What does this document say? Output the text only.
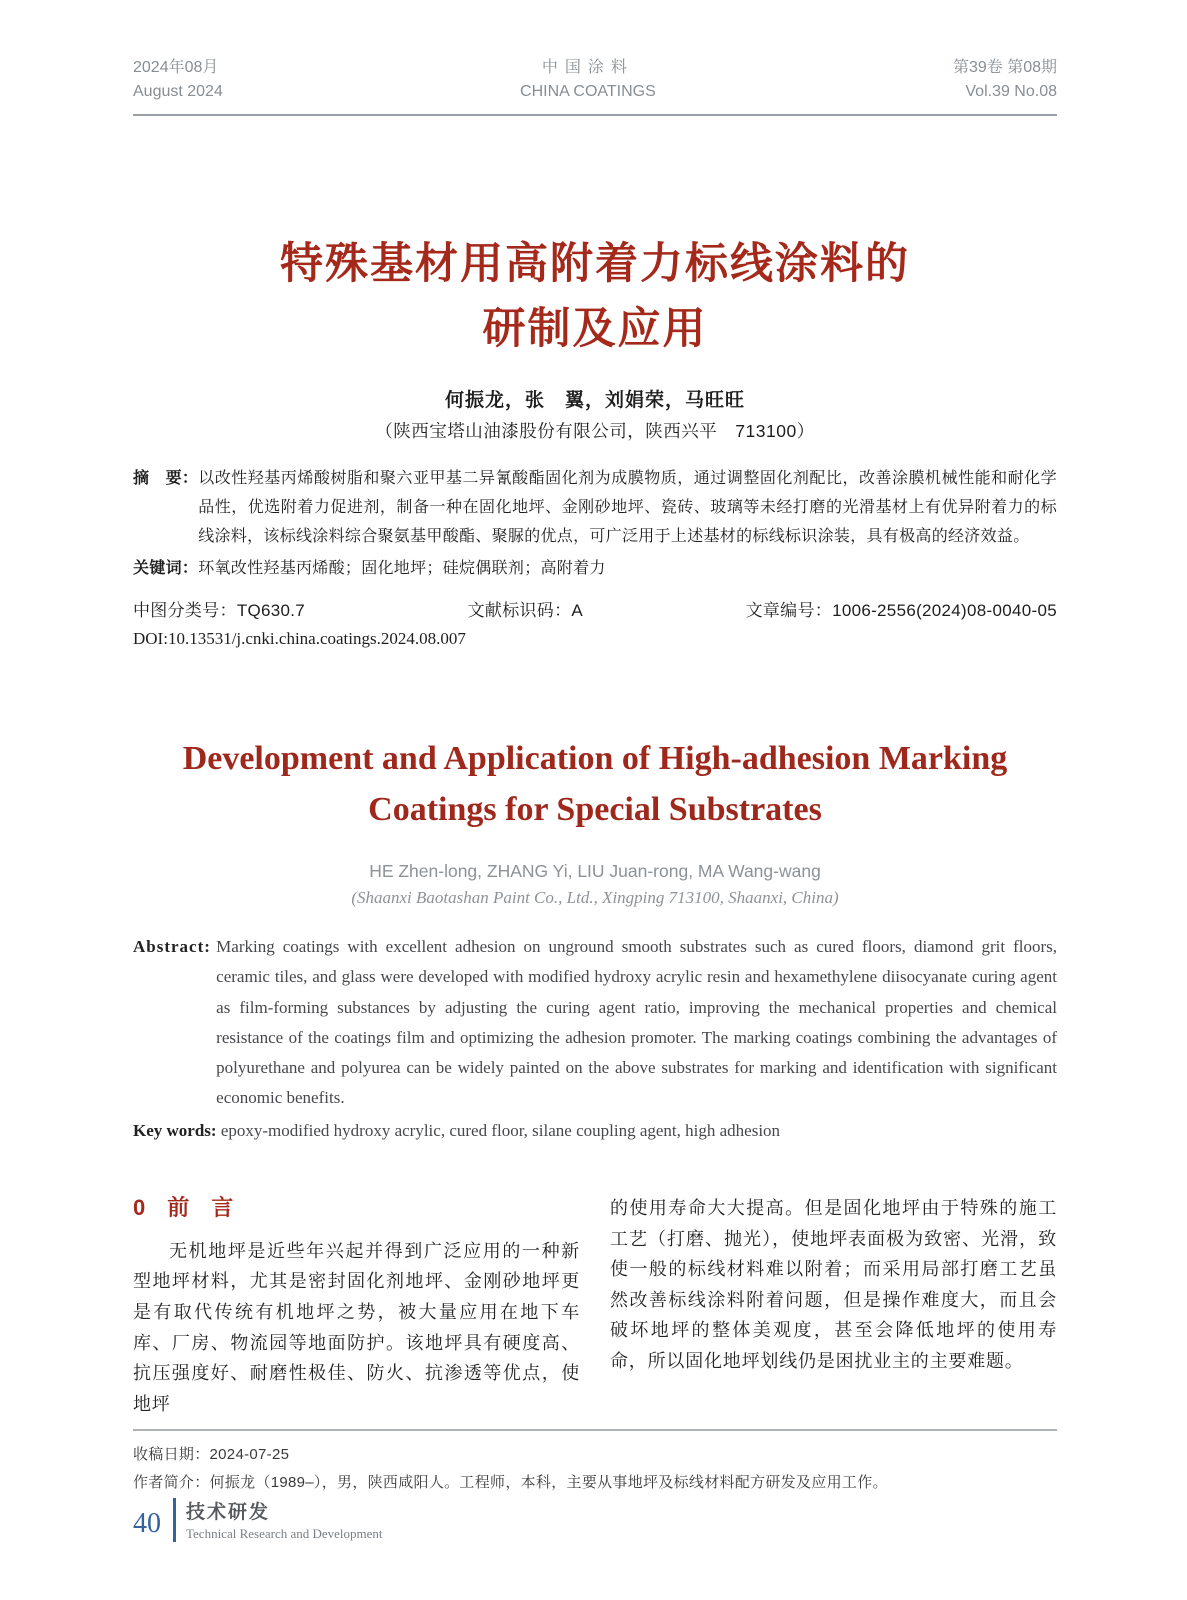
2024年08月
August 2024
中国涂料
CHINA COATINGS
第39卷 第08期
Vol.39 No.08
特殊基材用高附着力标线涂料的
研制及应用
何振龙，张　翼，刘娟荣，马旺旺
（陕西宝塔山油漆股份有限公司，陕西兴平　713100）
摘　要： 以改性羟基丙烯酸树脂和聚六亚甲基二异氰酸酯固化剂为成膜物质，通过调整固化剂配比，改善涂膜机械性能和耐化学品性，优选附着力促进剂，制备一种在固化地坪、金刚砂地坪、瓷砖、玻璃等未经打磨的光滑基材上有优异附着力的标线涂料，该标线涂料综合聚氨基甲酸酯、聚脲的优点，可广泛用于上述基材的标线标识涂装，具有极高的经济效益。
关键词： 环氧改性羟基丙烯酸；固化地坪；硅烷偶联剂；高附着力
中图分类号：TQ630.7	文献标识码：A	文章编号：1006-2556(2024)08-0040-05
DOI:10.13531/j.cnki.china.coatings.2024.08.007
Development and Application of High-adhesion Marking
Coatings for Special Substrates
HE Zhen-long, ZHANG Yi, LIU Juan-rong, MA Wang-wang
(Shaanxi Baotashan Paint Co., Ltd., Xingping 713100, Shaanxi, China)
Abstract: Marking coatings with excellent adhesion on unground smooth substrates such as cured floors, diamond grit floors, ceramic tiles, and glass were developed with modified hydroxy acrylic resin and hexamethylene diisocyanate curing agent as film-forming substances by adjusting the curing agent ratio, improving the mechanical properties and chemical resistance of the coatings film and optimizing the adhesion promoter. The marking coatings combining the advantages of polyurethane and polyurea can be widely painted on the above substrates for marking and identification with significant economic benefits.
Key words: epoxy-modified hydroxy acrylic, cured floor, silane coupling agent, high adhesion
0　前　言
无机地坪是近些年兴起并得到广泛应用的一种新型地坪材料，尤其是密封固化剂地坪、金刚砂地坪更是有取代传统有机地坪之势，被大量应用在地下车库、厂房、物流园等地面防护。该地坪具有硬度高、抗压强度好、耐磨性极佳、防火、抗渗透等优点，使地坪
的使用寿命大大提高。但是固化地坪由于特殊的施工工艺（打磨、抛光），使地坪表面极为致密、光滑，致使一般的标线材料难以附着；而采用局部打磨工艺虽然改善标线涂料附着问题，但是操作难度大，而且会破坏地坪的整体美观度，甚至会降低地坪的使用寿命，所以固化地坪划线仍是困扰业主的主要难题。
收稿日期：2024-07-25
作者简介：何振龙（1989–），男，陕西咸阳人。工程师，本科，主要从事地坪及标线材料配方研发及应用工作。
40	技术研发
Technical Research and Development
